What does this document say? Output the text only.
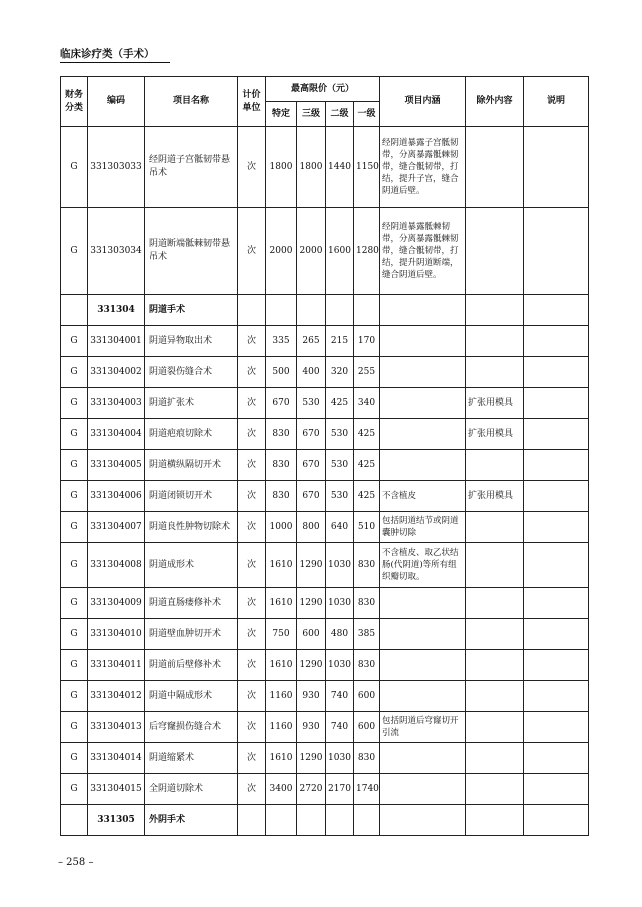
临床诊疗类（手术）
财务分类	编码	项目名称	计价单位	最高限价（元）				项目内涵	除外内容	说明
				特定	三级	二级	一级			
G	331303033	经阴道子宫骶韧带悬吊术	次	1800	1800	1440	1150	经阴道暴露子宫骶韧带，分离暴露骶棘韧带，缝合骶韧带，打结，提升子宫，缝合阴道后壁。		
G	331303034	阴道断端骶棘韧带悬吊术	次	2000	2000	1600	1280	经阴道暴露骶棘韧带，分离暴露骶棘韧带，缝合骶韧带，打结，提升阴道断端，缝合阴道后壁。		
	331304	阴道手术								
G	331304001	阴道异物取出术	次	335	265	215	170			
G	331304002	阴道裂伤缝合术	次	500	400	320	255			
G	331304003	阴道扩张术	次	670	530	425	340		扩张用模具	
G	331304004	阴道疤痕切除术	次	830	670	530	425		扩张用模具	
G	331304005	阴道横纵隔切开术	次	830	670	530	425			
G	331304006	阴道闭锁切开术	次	830	670	530	425	不含植皮	扩张用模具	
G	331304007	阴道良性肿物切除术	次	1000	800	640	510	包括阴道结节或阴道囊肿切除		
G	331304008	阴道成形术	次	1610	1290	1030	830	不含植皮、取乙状结肠(代阴道)等所有组织瓣切取。		
G	331304009	阴道直肠瘘修补术	次	1610	1290	1030	830			
G	331304010	阴道壁血肿切开术	次	750	600	480	385			
G	331304011	阴道前后壁修补术	次	1610	1290	1030	830			
G	331304012	阴道中隔成形术	次	1160	930	740	600			
G	331304013	后穹窿损伤缝合术	次	1160	930	740	600	包括阴道后穹窿切开引流		
G	331304014	阴道缩紧术	次	1610	1290	1030	830			
G	331304015	全阴道切除术	次	3400	2720	2170	1740			
	331305	外阴手术								
– 258 –
